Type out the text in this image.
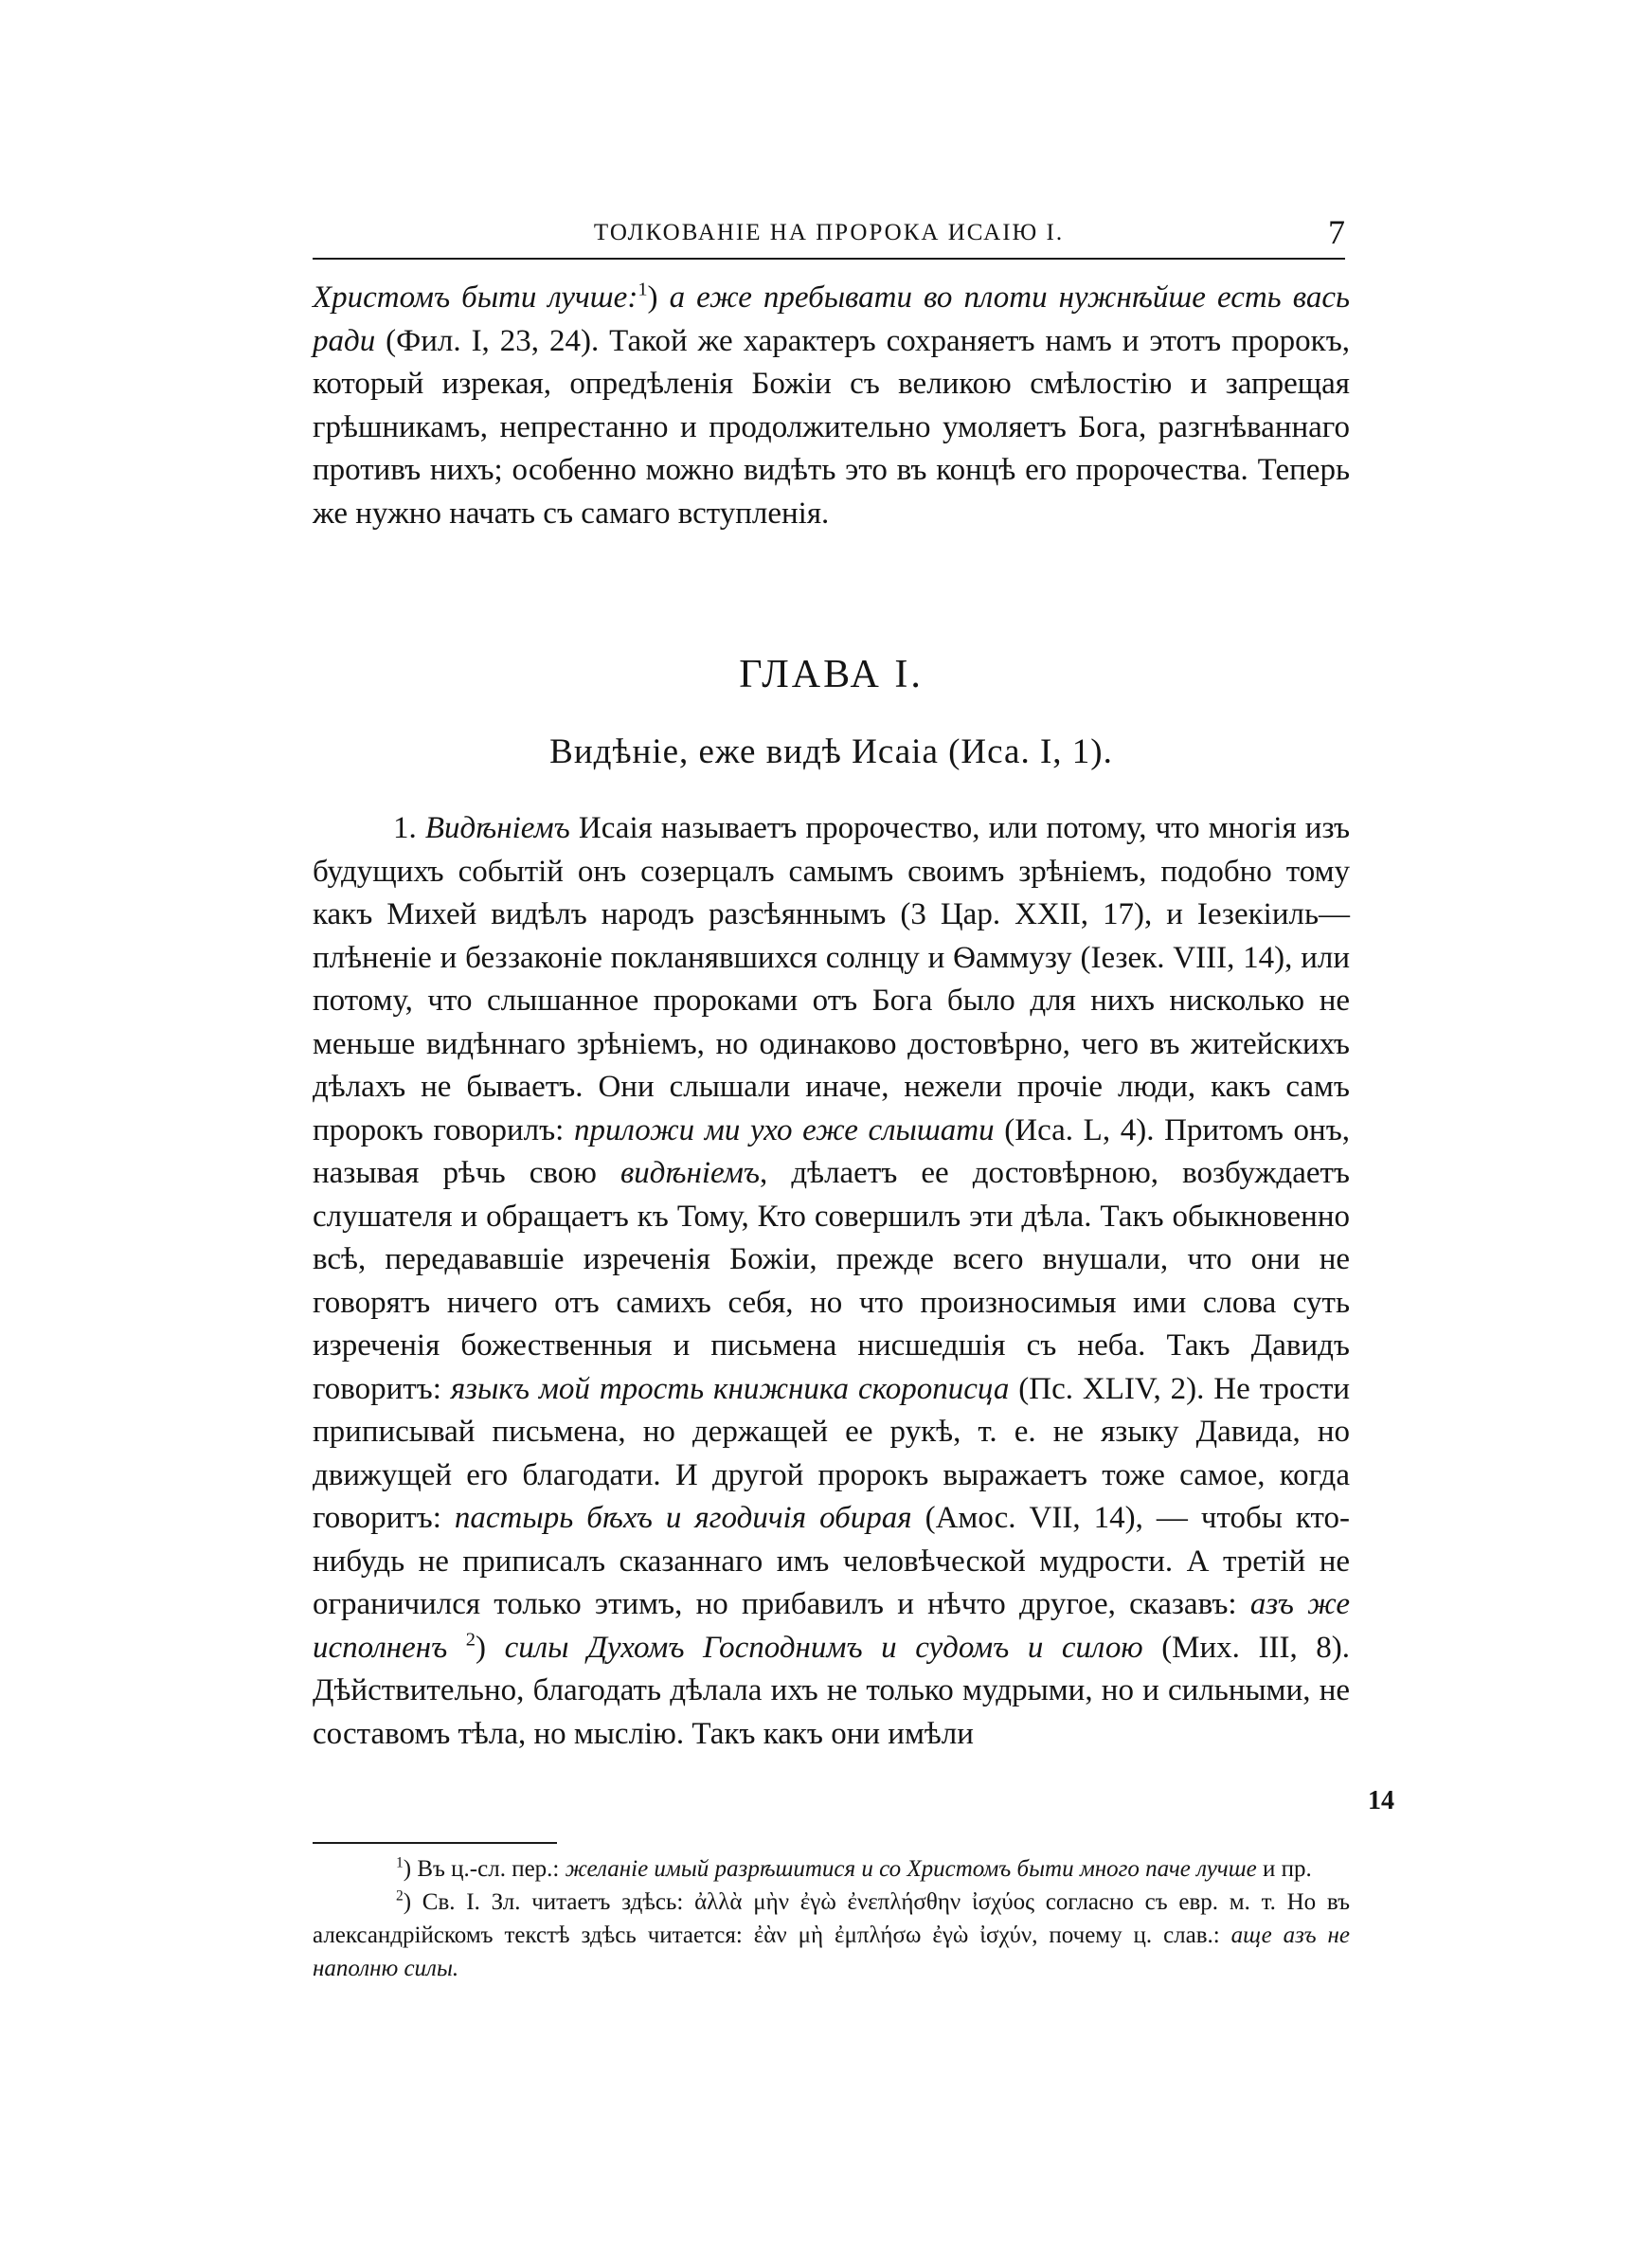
ТОЛКОВАНІЕ НА ПРОРОКА ИСАІЮ I.	7

Христомъ быти лучше:$^1$) а еже пребывати во плоти нужнѣйше есть вась ради (Фил. I, 23, 24). Такой же характеръ сохраняетъ намъ и этотъ пророкъ, который изрекая, опредѣленія Божіи съ великою смѣлостію и запрещая грѣшникамъ, непрестанно и продолжительно умоляетъ Бога, разгнѣваннаго противъ нихъ; особенно можно видѣть это въ концѣ его пророчества. Теперь же нужно начать съ самаго вступленія.

ГЛАВА I.
Видѣніе, еже видѣ Исаіа (Иса. I, 1).

1. Видѣніемъ Исаія называетъ пророчество, или потому, что многія изъ будущихъ событій онъ созерцалъ самымъ своимъ зрѣніемъ, подобно тому какъ Михей видѣлъ народъ разсѣяннымъ (3 Цар. XXII, 17), и Іезекіиль—плѣненіе и беззаконіе покланявшихся солнцу и Ѳаммузу (Іезек. VIII, 14), или потому, что слышанное пророками отъ Бога было для нихъ нисколько не меньше видѣннаго зрѣніемъ, но одинаково достовѣрно, чего въ житейскихъ дѣлахъ не бываетъ. Они слышали иначе, нежели прочіе люди, какъ самъ пророкъ говорилъ: приложи ми ухо еже слышати (Иса. L, 4). Притомъ онъ, называя рѣчь свою видѣніемъ, дѣлаетъ ее достовѣрною, возбуждаетъ слушателя и обращаетъ къ Тому, Кто совершилъ эти дѣла. Такъ обыкновенно всѣ, передававшіе изреченія Божіи, прежде всего внушали, что они не говорятъ ничего отъ самихъ себя, но что произносимыя ими слова суть изреченія божественныя и письмена нисшедшія съ неба. Такъ Давидъ говоритъ: языкъ мой трость книжника скорописца (Пс. XLIV, 2). Не трости приписывай письмена, но держащей ее рукѣ, т. е. не языку Давида, но движущей его благодати. И другой пророкъ выражаетъ тоже самое, когда говоритъ: пастырь бѣхъ и ягодичія обирая (Амос. VII, 14), — чтобы кто-нибудь не приписалъ сказаннаго имъ человѣческой мудрости. А третій не ограничился только этимъ, но прибавилъ и нѣчто другое, сказавъ: азъ же исполненъ $^2$) силы Духомъ Господнимъ и судомъ и силою (Мих. III, 8). Дѣйствительно, благодать дѣлала ихъ не только мудрыми, но и сильными, не составомъ тѣла, но мыслію. Такъ какъ они имѣли

14

$^1$) Въ ц.-сл. пер.: желаніе имый разрѣшитися и со Христомъ быти много паче лучше и пр.

$^2$) Св. I. Зл. читаетъ здѣсь: ἀλλὰ μὴν ἐγὼ ἐνεπλήσθην ἰσχύος согласно съ евр. м. т. Но въ александрійскомъ текстѣ здѣсь читается: ἐὰν μὴ ἐμπλήσω ἐγὼ ἰσχύν, почему ц. слав.: аще азъ не наполню силы.
